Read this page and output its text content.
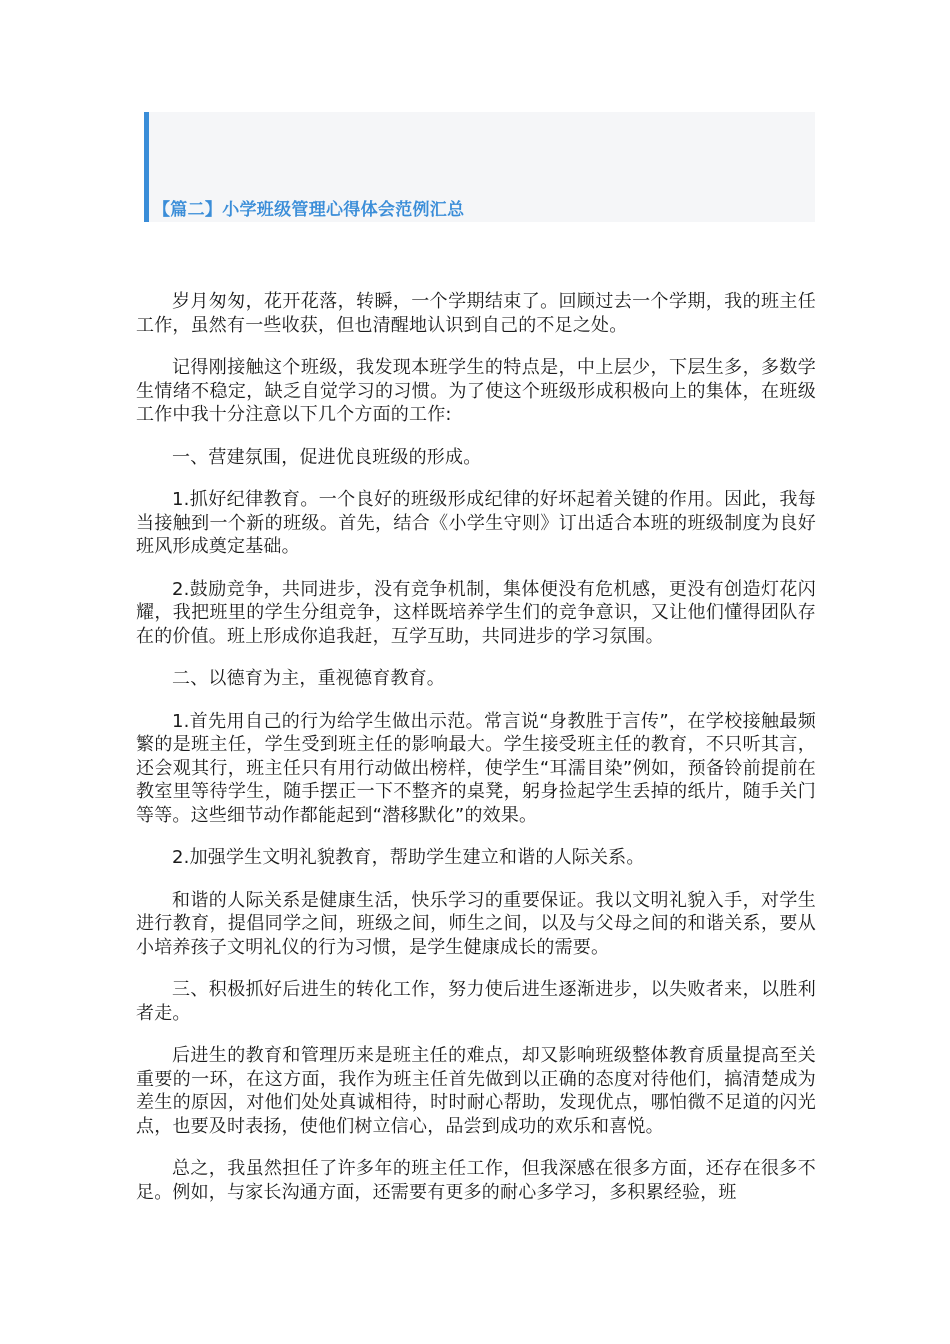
【篇二】小学班级管理心得体会范例汇总

岁月匆匆，花开花落，转瞬，一个学期结束了。回顾过去一个学期，我的班主任工作，虽然有一些收获，但也清醒地认识到自己的不足之处。

记得刚接触这个班级，我发现本班学生的特点是，中上层少，下层生多，多数学生情绪不稳定，缺乏自觉学习的习惯。为了使这个班级形成积极向上的集体，在班级工作中我十分注意以下几个方面的工作:

一、营建氛围，促进优良班级的形成。

1.抓好纪律教育。一个良好的班级形成纪律的好坏起着关键的作用。因此，我每当接触到一个新的班级。首先，结合《小学生守则》订出适合本班的班级制度为良好班风形成奠定基础。

2.鼓励竞争，共同进步，没有竞争机制，集体便没有危机感，更没有创造灯花闪耀，我把班里的学生分组竞争，这样既培养学生们的竞争意识，又让他们懂得团队存在的价值。班上形成你追我赶，互学互助，共同进步的学习氛围。

二、以德育为主，重视德育教育。

1.首先用自己的行为给学生做出示范。常言说“身教胜于言传”，在学校接触最频繁的是班主任，学生受到班主任的影响最大。学生接受班主任的教育，不只听其言，还会观其行，班主任只有用行动做出榜样，使学生“耳濡目染”例如，预备铃前提前在教室里等待学生，随手摆正一下不整齐的桌凳，躬身捡起学生丢掉的纸片，随手关门等等。这些细节动作都能起到“潜移默化”的效果。

2.加强学生文明礼貌教育，帮助学生建立和谐的人际关系。

和谐的人际关系是健康生活，快乐学习的重要保证。我以文明礼貌入手，对学生进行教育，提倡同学之间，班级之间，师生之间，以及与父母之间的和谐关系，要从小培养孩子文明礼仪的行为习惯，是学生健康成长的需要。

三、积极抓好后进生的转化工作，努力使后进生逐渐进步，以失败者来，以胜利者走。

后进生的教育和管理历来是班主任的难点，却又影响班级整体教育质量提高至关重要的一环，在这方面，我作为班主任首先做到以正确的态度对待他们，搞清楚成为差生的原因，对他们处处真诚相待，时时耐心帮助，发现优点，哪怕微不足道的闪光点，也要及时表扬，使他们树立信心，品尝到成功的欢乐和喜悦。

总之，我虽然担任了许多年的班主任工作，但我深感在很多方面，还存在很多不足。例如，与家长沟通方面，还需要有更多的耐心多学习，多积累经验，班
